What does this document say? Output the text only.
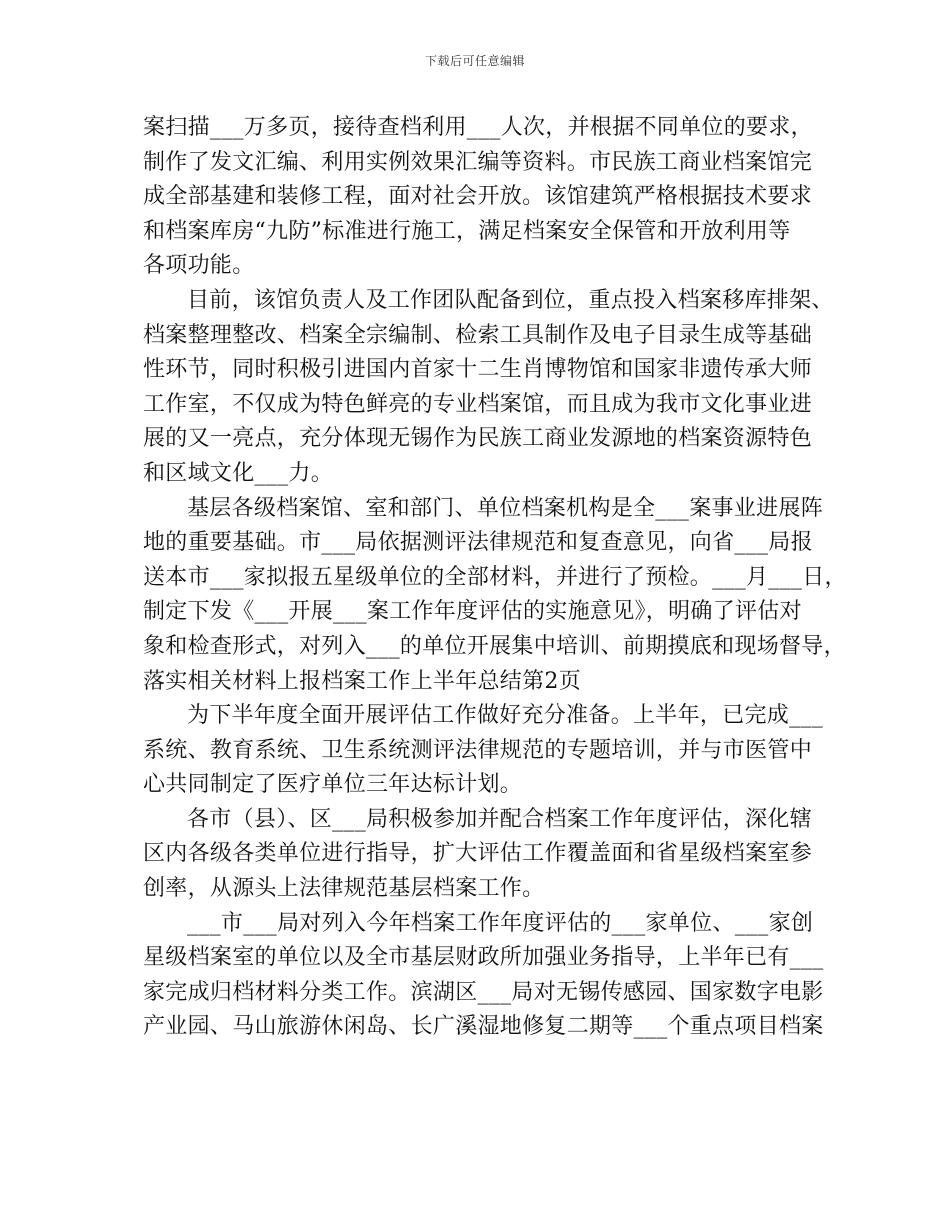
下载后可任意编辑

案扫描___万多页，接待查档利用___人次，并根据不同单位的要求，
制作了发文汇编、利用实例效果汇编等资料。市民族工商业档案馆完
成全部基建和装修工程，面对社会开放。该馆建筑严格根据技术要求
和档案库房“九防”标准进行施工，满足档案安全保管和开放利用等
各项功能。

目前，该馆负责人及工作团队配备到位，重点投入档案移库排架、
档案整理整改、档案全宗编制、检索工具制作及电子目录生成等基础
性环节，同时积极引进国内首家十二生肖博物馆和国家非遗传承大师
工作室，不仅成为特色鲜亮的专业档案馆，而且成为我市文化事业进
展的又一亮点，充分体现无锡作为民族工商业发源地的档案资源特色
和区域文化___力。

基层各级档案馆、室和部门、单位档案机构是全___案事业进展阵
地的重要基础。市___局依据测评法律规范和复查意见，向省___局报
送本市___家拟报五星级单位的全部材料，并进行了预检。___月___日，
制定下发《___开展___案工作年度评估的实施意见》，明确了评估对
象和检查形式，对列入___的单位开展集中培训、前期摸底和现场督导，
落实相关材料上报档案工作上半年总结第2页

为下半年度全面开展评估工作做好充分准备。上半年，已完成___
系统、教育系统、卫生系统测评法律规范的专题培训，并与市医管中
心共同制定了医疗单位三年达标计划。

各市（县）、区___局积极参加并配合档案工作年度评估，深化辖
区内各级各类单位进行指导，扩大评估工作覆盖面和省星级档案室参
创率，从源头上法律规范基层档案工作。

___市___局对列入今年档案工作年度评估的___家单位、___家创
星级档案室的单位以及全市基层财政所加强业务指导，上半年已有___
家完成归档材料分类工作。滨湖区___局对无锡传感园、国家数字电影
产业园、马山旅游休闲岛、长广溪湿地修复二期等___个重点项目档案
